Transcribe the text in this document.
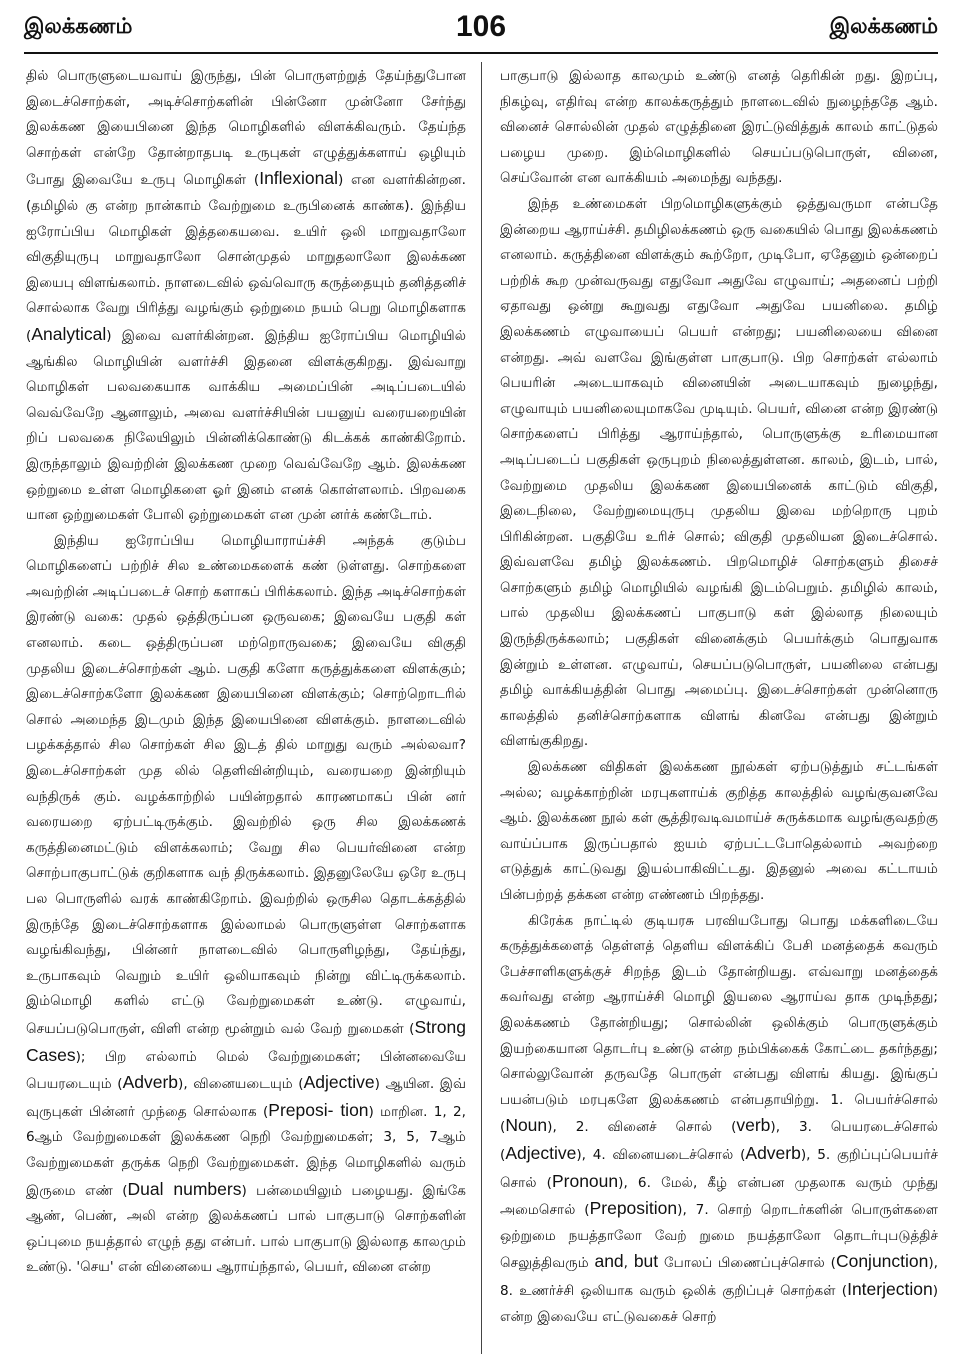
இலக்கணம்	106	இலக்கணம்

தில் பொருளுடையவாய் இருந்து, பின் பொருளற்றுத் தேய்ந்துபோன இடைச்சொற்கள், அடிச்சொற்களின் பின்னோ முன்னோ சேர்ந்து இலக்கண இயைபினை இந்த மொழிகளில் விளக்கிவரும். தேய்ந்த சொற்கள் என்றே தோன்றாதபடி உருபுகள் எழுத்துக்களாய் ஒழியும் போது இவையே உருபு மொழிகள் (Inflexional) என வளர்கின்றன. (தமிழில் கு என்ற நான்காம் வேற்றுமை உருபினைக் காண்க). இந்திய ஐரோப்பிய மொழிகள் இத்தகையவை. உயிர் ஒலி மாறுவதாலோ விகுதியுருபு மாறுவதாலோ சொன்முதல் மாறுதலாலோ இலக்கண இயைபு விளங்கலாம். நாளடைவில் ஒவ்வொரு கருத்தையும் தனித்தனிச் சொல்லாக வேறு பிரித்து வழங்கும் ஒற்றுமை நயம் பெறு மொழிகளாக (Analytical) இவை வளர்கின்றன. இந்திய ஐரோப்பிய மொழியில் ஆங்கில மொழியின் வளர்ச்சி இதனை விளக்குகிறது. இவ்வாறு மொழிகள் பலவகையாக வாக்கிய அமைப்பின் அடிப்படையில் வெவ்வேறே ஆனாலும், அவை வளர்ச்சியின் பயனுய் வரையறையின் றிப் பலவகை நிலேயிலும் பின்னிக்கொண்டு கிடக்கக் காண்கிறோம். இருந்தாலும் இவற்றின் இலக்கண முறை வெவ்வேறே ஆம். இலக்கண ஒற்றுமை உள்ள மொழிகளை ஓர் இனம் எனக் கொள்ளலாம். பிறவகை யான ஒற்றுமைகள் போலி ஒற்றுமைகள் என முன் னர்க் கண்டோம்.

இந்திய ஐரோப்பிய மொழியாராய்ச்சி அந்தக் குடும்ப மொழிகளைப் பற்றிச் சில உண்மைகளைக் கண் டுள்ளது. சொற்களை அவற்றின் அடிப்படைச் சொற் களாகப் பிரிக்கலாம். இந்த அடிச்சொற்கள் இரண்டு வகை: முதல் ஒத்திருப்பன ஒருவகை; இவையே பகுதி கள் எனலாம். கடை ஒத்திருப்பன மற்றொருவகை; இவையே விகுதி முதலிய இடைச்சொற்கள் ஆம். பகுதி களோ கருத்துக்களை விளக்கும்; இடைச்சொற்களோ இலக்கண இயைபினை விளக்கும்; சொற்றொடரில் சொல் அமைந்த இடமும் இந்த இயைபினை விளக்கும். நாளடைவில் பழக்கத்தால் சில சொற்கள் சில இடத் தில் மாறுது வரும் அல்லவா? இடைச்சொற்கள் முத லில் தெளிவின்றியும், வரையறை இன்றியும் வந்திருக் கும். வழக்காற்றில் பயின்றதால் காரணமாகப் பின் னர் வரையறை ஏற்பட்டிருக்கும். இவற்றில் ஒரு சில இலக்கணக் கருத்தினைமட்டும் விளக்கலாம்; வேறு சில பெயர்வினை என்ற சொற்பாகுபாட்டுக் குறிகளாக வந் திருக்கலாம். இதனுலேயே ஒரே உருபு பல பொருளில் வரக் காண்கிறோம். இவற்றில் ஒருசில தொடக்கத்தில் இருந்தே இடைச்சொற்களாக இல்லாமல் பொருளுள்ள சொற்களாக வழங்கிவந்து, பின்னர் நாளடைவில் பொருளிழந்து, தேய்ந்து, உருபாகவும் வெறும் உயிர் ஒலியாகவும் நின்று விட்டிருக்கலாம். இம்மொழி களில் எட்டு வேற்றுமைகள் உண்டு. எழுவாய், செயப்படுபொருள், விளி என்ற மூன்றும் வல் வேற் றுமைகள் (Strong Cases); பிற எல்லாம் மெல் வேற்றுமைகள்; பின்னவையே பெயரடையும் (Adverb), வினையடையும் (Adjective) ஆயின. இவ் வுருபுகள் பின்னர் முந்தை சொல்லாக (Preposi- tion) மாறின. 1, 2, 6ஆம் வேற்றுமைகள் இலக்கண நெறி வேற்றுமைகள்; 3, 5, 7ஆம் வேற்றுமைகள் தருக்க நெறி வேற்றுமைகள். இந்த மொழிகளில் வரும் இருமை எண் (Dual numbers) பன்மையிலும் பழையது. இங்கே ஆண், பெண், அலி என்ற இலக்கணப் பால் பாகுபாடு சொற்களின் ஒப்புமை நயத்தால் எழுந் தது என்பர். பால் பாகுபாடு இல்லாத காலமும் உண்டு. 'செய' என் வினையை ஆராய்ந்தால், பெயர், வினை என்ற

பாகுபாடு இல்லாத காலமும் உண்டு எனத் தெரிகின் றது. இறப்பு, நிகழ்வு, எதிர்வு என்ற காலக்கருத்தும் நாளடைவில் நுழைந்ததே ஆம். வினைச் சொல்லின் முதல் எழுத்தினை இரட்டுவித்துக் காலம் காட்டுதல் பழைய முறை. இம்மொழிகளில் செயப்படுபொருள், வினை, செய்வோன் என வாக்கியம் அமைந்து வந்தது.

இந்த உண்மைகள் பிறமொழிகளுக்கும் ஒத்துவருமா என்பதே இன்றைய ஆராய்ச்சி. தமிழிலக்கணம் ஒரு வகையில் பொது இலக்கணம் எனலாம். கருத்தினை விளக்கும் கூற்றோ, முடிபோ, ஏதேனும் ஒன்றைப் பற்றிக் கூற முன்வருவது எதுவோ அதுவே எழுவாய்; அதனைப் பற்றி ஏதாவது ஒன்று கூறுவது எதுவோ அதுவே பயனிலை. தமிழ் இலக்கணம் எழுவாயைப் பெயர் என்றது; பயனிலையை வினை என்றது. அவ் வளவே இங்குள்ள பாகுபாடு. பிற சொற்கள் எல்லாம் பெயரின் அடையாகவும் வினையின் அடையாகவும் நுழைந்து, எழுவாயும் பயனிலையுமாகவே முடியும். பெயர், வினை என்ற இரண்டு சொற்களைப் பிரித்து ஆராய்ந்தால், பொருளுக்கு உரிமையான அடிப்படைப் பகுதிகள் ஒருபுறம் நிலைத்துள்ளன. காலம், இடம், பால், வேற்றுமை முதலிய இலக்கண இயைபினைக் காட்டும் விகுதி, இடைநிலை, வேற்றுமையுருபு முதலிய இவை மற்றொரு புறம் பிரிகின்றன. பகுதியே உரிச் சொல்; விகுதி முதலியன இடைச்சொல். இவ்வளவே தமிழ் இலக்கணம். பிறமொழிச் சொற்களும் திசைச் சொற்களும் தமிழ் மொழியில் வழங்கி இடம்பெறும். தமிழில் காலம், பால் முதலிய இலக்கணப் பாகுபாடு கள் இல்லாத நிலையும் இருந்திருக்கலாம்; பகுதிகள் வினைக்கும் பெயர்க்கும் பொதுவாக இன்றும் உள்ளன. எழுவாய், செயப்படுபொருள், பயனிலை என்பது தமிழ் வாக்கியத்தின் பொது அமைப்பு. இடைச்சொற்கள் முன்னொரு காலத்தில் தனிச்சொற்களாக விளங் கினவே என்பது இன்றும் விளங்குகிறது.

இலக்கண விதிகள் இலக்கண நூல்கள் ஏற்படுத்தும் சட்டங்கள் அல்ல; வழக்காற்றின் மரபுகளாய்க் குறித்த காலத்தில் வழங்குவனவே ஆம். இலக்கண நூல் கள் சூத்திரவடிவமாய்ச் சுருக்கமாக வழங்குவதற்கு வாய்ப்பாக இருப்பதால் ஐயம் ஏற்பட்டபோதெல்லாம் அவற்றை எடுத்துக் காட்டுவது இயல்பாகிவிட்டது. இதனுல் அவை கட்டாயம் பின்பற்றத் தக்கன என்ற எண்ணம் பிறந்தது.

கிரேக்க நாட்டில் குடியரசு பரவியபோது பொது மக்களிடையே கருத்துக்களைத் தெள்ளத் தெளிய விளக்கிப் பேசி மனத்தைக் கவரும் பேச்சாளிகளுக்குச் சிறந்த இடம் தோன்றியது. எவ்வாறு மனத்தைக் கவர்வது என்ற ஆராய்ச்சி மொழி இயலை ஆராய்வ தாக முடிந்தது; இலக்கணம் தோன்றியது; சொல்லின் ஒலிக்கும் பொருளுக்கும் இயற்கையான தொடர்பு உண்டு என்ற நம்பிக்கைக் கோட்டை தகர்ந்தது; சொல்லுவோன் தருவதே பொருள் என்பது விளங் கியது. இங்குப் பயன்படும் மரபுகளே இலக்கணம் என்பதாயிற்று. 1. பெயர்ச்சொல் (Noun), 2. வினைச் சொல் (verb), 3. பெயரடைச்சொல் (Adjective), 4. வினையடைச்சொல் (Adverb), 5. குறிப்புப்பெயர்ச் சொல் (Pronoun), 6. மேல், கீழ் என்பன முதலாக வரும் முந்து அமைசொல் (Preposition), 7. சொற் றொடர்களின் பொருள்களை ஒற்றுமை நயத்தாலோ வேற் றுமை நயத்தாலோ தொடர்புபடுத்திச் செலுத்திவரும் and, but போலப் பிணைப்புச்சொல் (Conjunction), 8. உணர்ச்சி ஒலியாக வரும் ஒலிக் குறிப்புச் சொற்கள் (Interjection) என்ற இவையே எட்டுவகைச் சொற்
